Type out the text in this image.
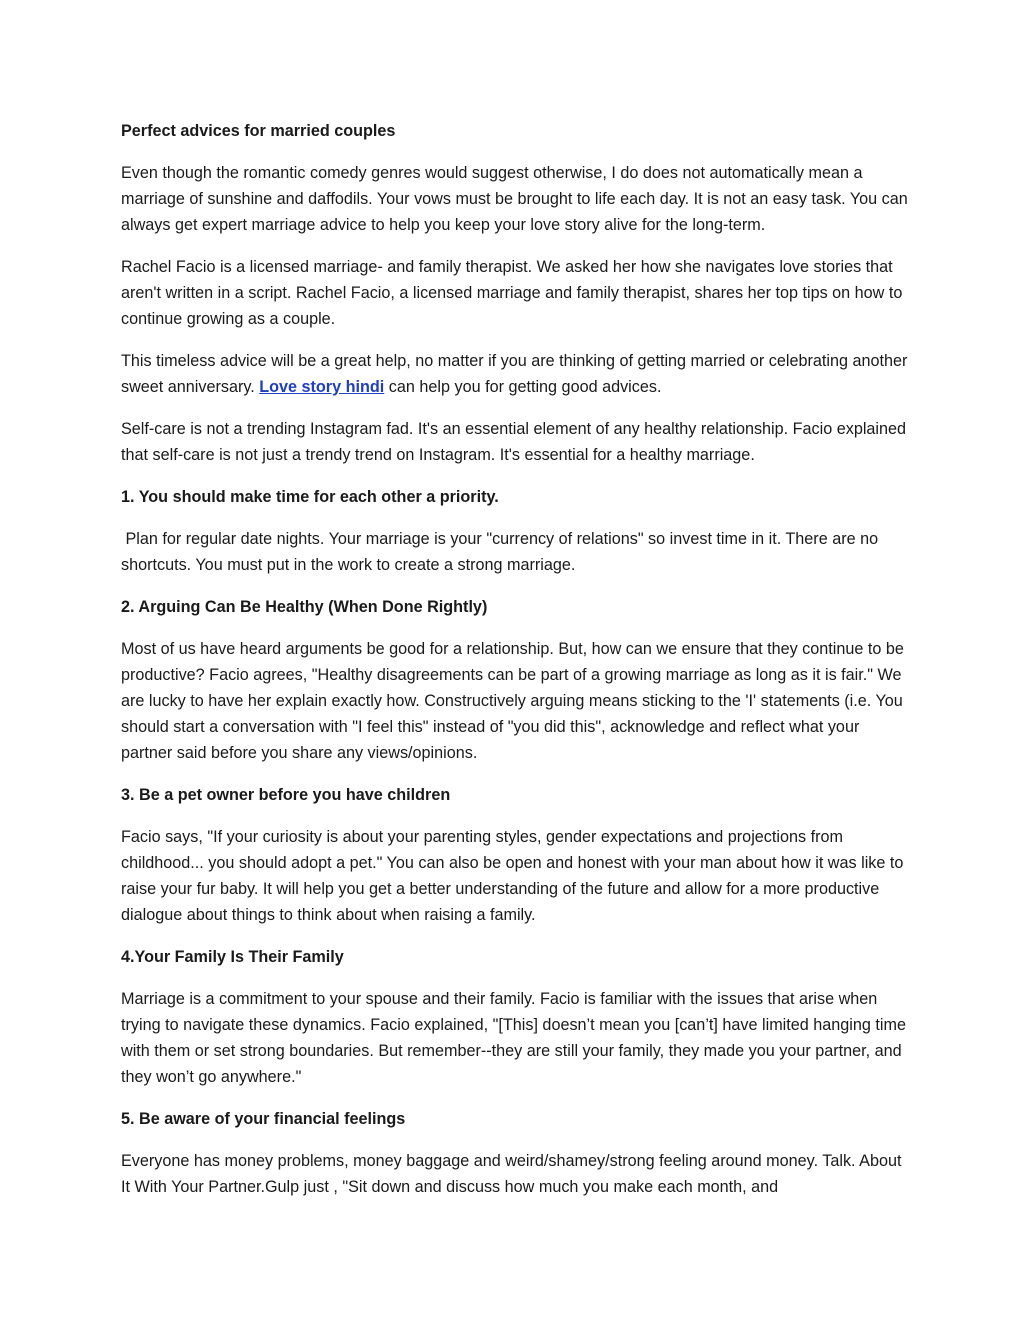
Perfect advices for married couples

Even though the romantic comedy genres would suggest otherwise, I do does not automatically mean a marriage of sunshine and daffodils. Your vows must be brought to life each day. It is not an easy task. You can always get expert marriage advice to help you keep your love story alive for the long-term.

Rachel Facio is a licensed marriage- and family therapist. We asked her how she navigates love stories that aren't written in a script. Rachel Facio, a licensed marriage and family therapist, shares her top tips on how to continue growing as a couple.

This timeless advice will be a great help, no matter if you are thinking of getting married or celebrating another sweet anniversary. Love story hindi can help you for getting good advices.

Self-care is not a trending Instagram fad. It's an essential element of any healthy relationship. Facio explained that self-care is not just a trendy trend on Instagram. It's essential for a healthy marriage.

1. You should make time for each other a priority.

Plan for regular date nights. Your marriage is your "currency of relations" so invest time in it. There are no shortcuts. You must put in the work to create a strong marriage.

2. Arguing Can Be Healthy (When Done Rightly)

Most of us have heard arguments be good for a relationship. But, how can we ensure that they continue to be productive? Facio agrees, "Healthy disagreements can be part of a growing marriage as long as it is fair." We are lucky to have her explain exactly how. Constructively arguing means sticking to the 'I' statements (i.e. You should start a conversation with "I feel this" instead of "you did this", acknowledge and reflect what your partner said before you share any views/opinions.

3. Be a pet owner before you have children

Facio says, "If your curiosity is about your parenting styles, gender expectations and projections from childhood... you should adopt a pet." You can also be open and honest with your man about how it was like to raise your fur baby. It will help you get a better understanding of the future and allow for a more productive dialogue about things to think about when raising a family.

4.Your Family Is Their Family

Marriage is a commitment to your spouse and their family. Facio is familiar with the issues that arise when trying to navigate these dynamics. Facio explained, "[This] doesn’t mean you [can’t] have limited hanging time with them or set strong boundaries. But remember--they are still your family, they made you your partner, and they won’t go anywhere."

5. Be aware of your financial feelings

Everyone has money problems, money baggage and weird/shamey/strong feeling around money. Talk. About It With Your Partner.Gulp just , "Sit down and discuss how much you make each month, and
